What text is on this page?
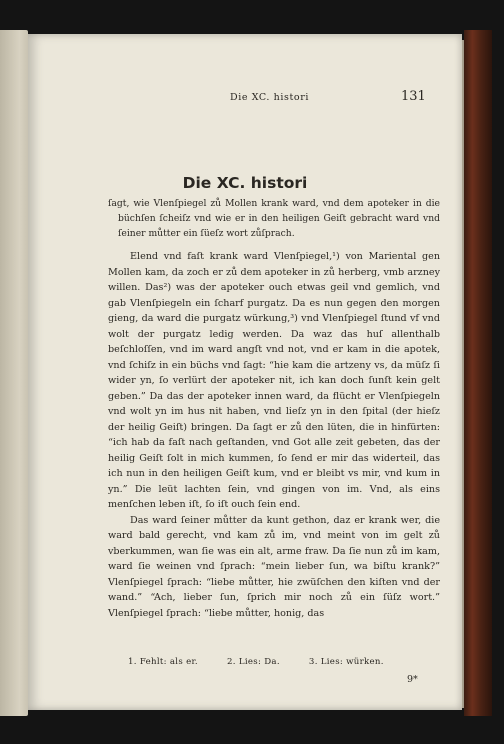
Die XC. histori	131
Die XC. histori

ſagt, wie Vlenſpiegel zů Mollen krank ward, vnd dem apoteker in die büchſen ſcheiſz vnd wie er in den heiligen Geiſt gebracht ward vnd ſeiner můtter ein ſüeſz wort zůſprach.

Elend vnd faſt krank ward Vlenſpiegel,¹) von Mariental gen Mollen kam, da zoch er zů dem apoteker in zů herberg, vmb arzney willen. Das²) was der apoteker ouch etwas geil vnd gemlich, vnd gab Vlenſpiegeln ein ſcharf purgatz. Da es nun gegen den morgen gieng, da ward die purgatz würkung,³) vnd Vlenſpiegel ſtund vf vnd wolt der purgatz ledig werden. Da waz das huſ allenthalb beſchloſſen, vnd im ward angſt vnd not, vnd er kam in die apotek, vnd ſchiſz in ein büchs vnd ſagt: “hie kam die artzeny vs, da müſz ſi wider yn, ſo verlürt der apoteker nit, ich kan doch ſunſt kein gelt geben.” Da das der apoteker innen ward, da flücht er Vlenſpiegeln vnd wolt yn im hus nit haben, vnd lieſz yn in den ſpital (der hieſz der heilig Geiſt) bringen. Da ſagt er zů den lüten, die in hinfürten: “ich hab da faſt nach geſtanden, vnd Got alle zeit gebeten, das der heilig Geiſt ſolt in mich kummen, ſo ſend er mir das widerteil, das ich nun in den heiligen Geiſt kum, vnd er bleibt vs mir, vnd kum in yn.” Die leüt lachten ſein, vnd gingen von im. Vnd, als eins menſchen leben iſt, ſo iſt ouch ſein end.

Das ward ſeiner můtter da kunt gethon, daz er krank wer, die ward bald gerecht, vnd kam zů im, vnd meint von im gelt zů vberkummen, wan ſie was ein alt, arme fraw. Da ſie nun zů im kam, ward ſie weinen vnd ſprach: “mein lieber ſun, wa biſtu krank?” Vlenſpiegel ſprach: “liebe můtter, hie zwüſchen den kiſten vnd der wand.” “Ach, lieber ſun, ſprich mir noch zů ein ſüſz wort.” Vlenſpiegel ſprach: “liebe můtter, honig, das

1. Fehlt: als er.	2. Lies: Da.	3. Lies: würken.
9*
